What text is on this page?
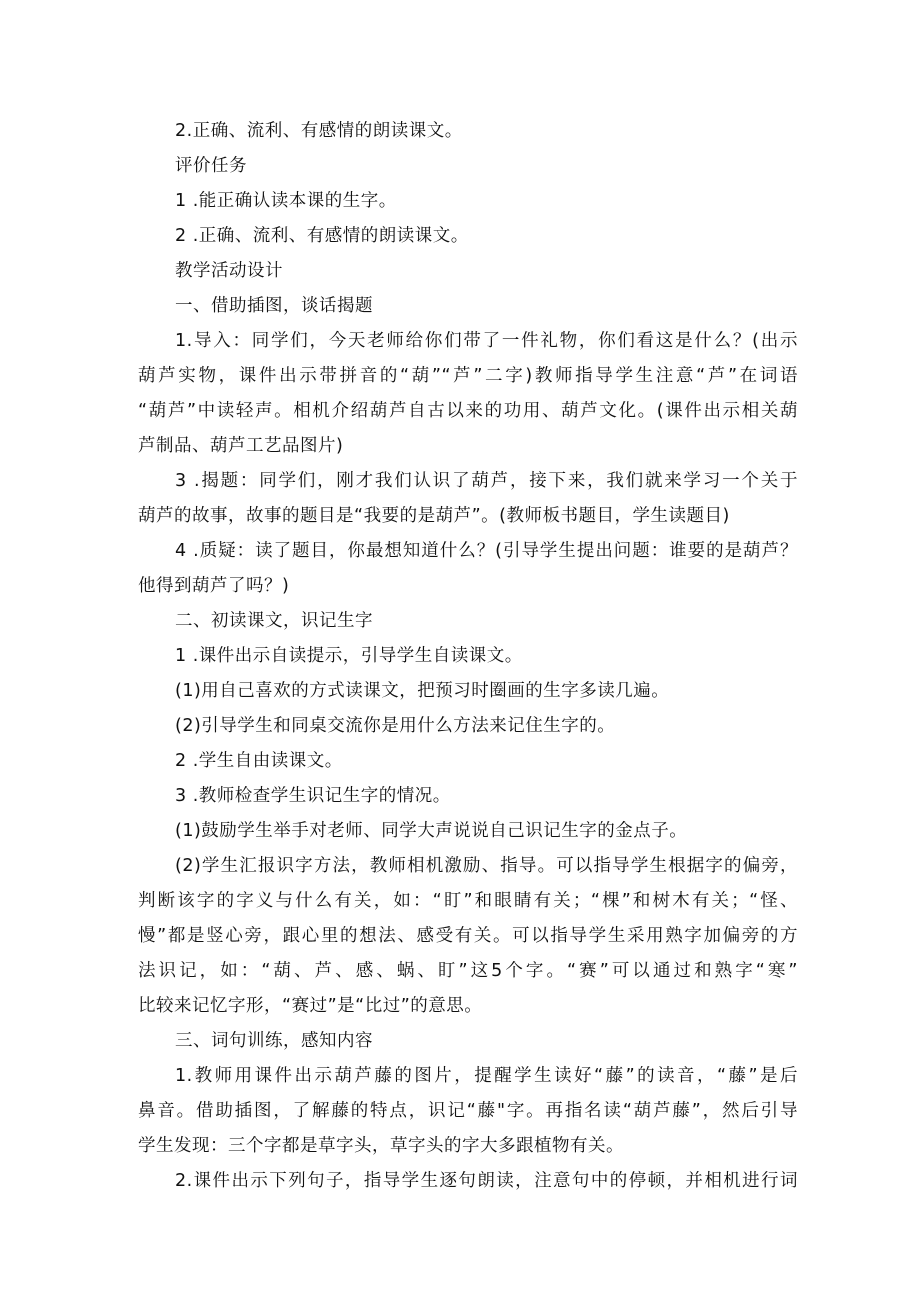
2.正确、流利、有感情的朗读课文。
评价任务
1 .能正确认读本课的生字。
2 .正确、流利、有感情的朗读课文。
教学活动设计
一、借助插图，谈话揭题
1.导入：同学们，今天老师给你们带了一件礼物，你们看这是什么？(出示
葫芦实物，课件出示带拼音的“葫”“芦”二字)教师指导学生注意“芦”在词语
“葫芦”中读轻声。相机介绍葫芦自古以来的功用、葫芦文化。(课件出示相关葫
芦制品、葫芦工艺品图片)
3 .揭题：同学们，刚才我们认识了葫芦，接下来，我们就来学习一个关于
葫芦的故事，故事的题目是“我要的是葫芦”。(教师板书题目，学生读题目)
4 .质疑：读了题目，你最想知道什么？(引导学生提出问题：谁要的是葫芦？
他得到葫芦了吗？)
二、初读课文，识记生字
1 .课件出示自读提示，引导学生自读课文。
(1)用自己喜欢的方式读课文，把预习时圈画的生字多读几遍。
(2)引导学生和同桌交流你是用什么方法来记住生字的。
2 .学生自由读课文。
3 .教师检查学生识记生字的情况。
(1)鼓励学生举手对老师、同学大声说说自己识记生字的金点子。
(2)学生汇报识字方法，教师相机激励、指导。可以指导学生根据字的偏旁，
判断该字的字义与什么有关，如：“盯”和眼睛有关；“棵”和树木有关；“怪、
慢”都是竖心旁，跟心里的想法、感受有关。可以指导学生采用熟字加偏旁的方
法识记，如：“葫、芦、感、蜗、盯”这5个字。“赛”可以通过和熟字“寒”
比较来记忆字形，“赛过”是“比过”的意思。
三、词句训练，感知内容
1.教师用课件出示葫芦藤的图片，提醒学生读好“藤”的读音，“藤”是后
鼻音。借助插图，了解藤的特点，识记“藤"字。再指名读“葫芦藤”，然后引导
学生发现：三个字都是草字头，草字头的字大多跟植物有关。
2.课件出示下列句子，指导学生逐句朗读，注意句中的停顿，并相机进行词
